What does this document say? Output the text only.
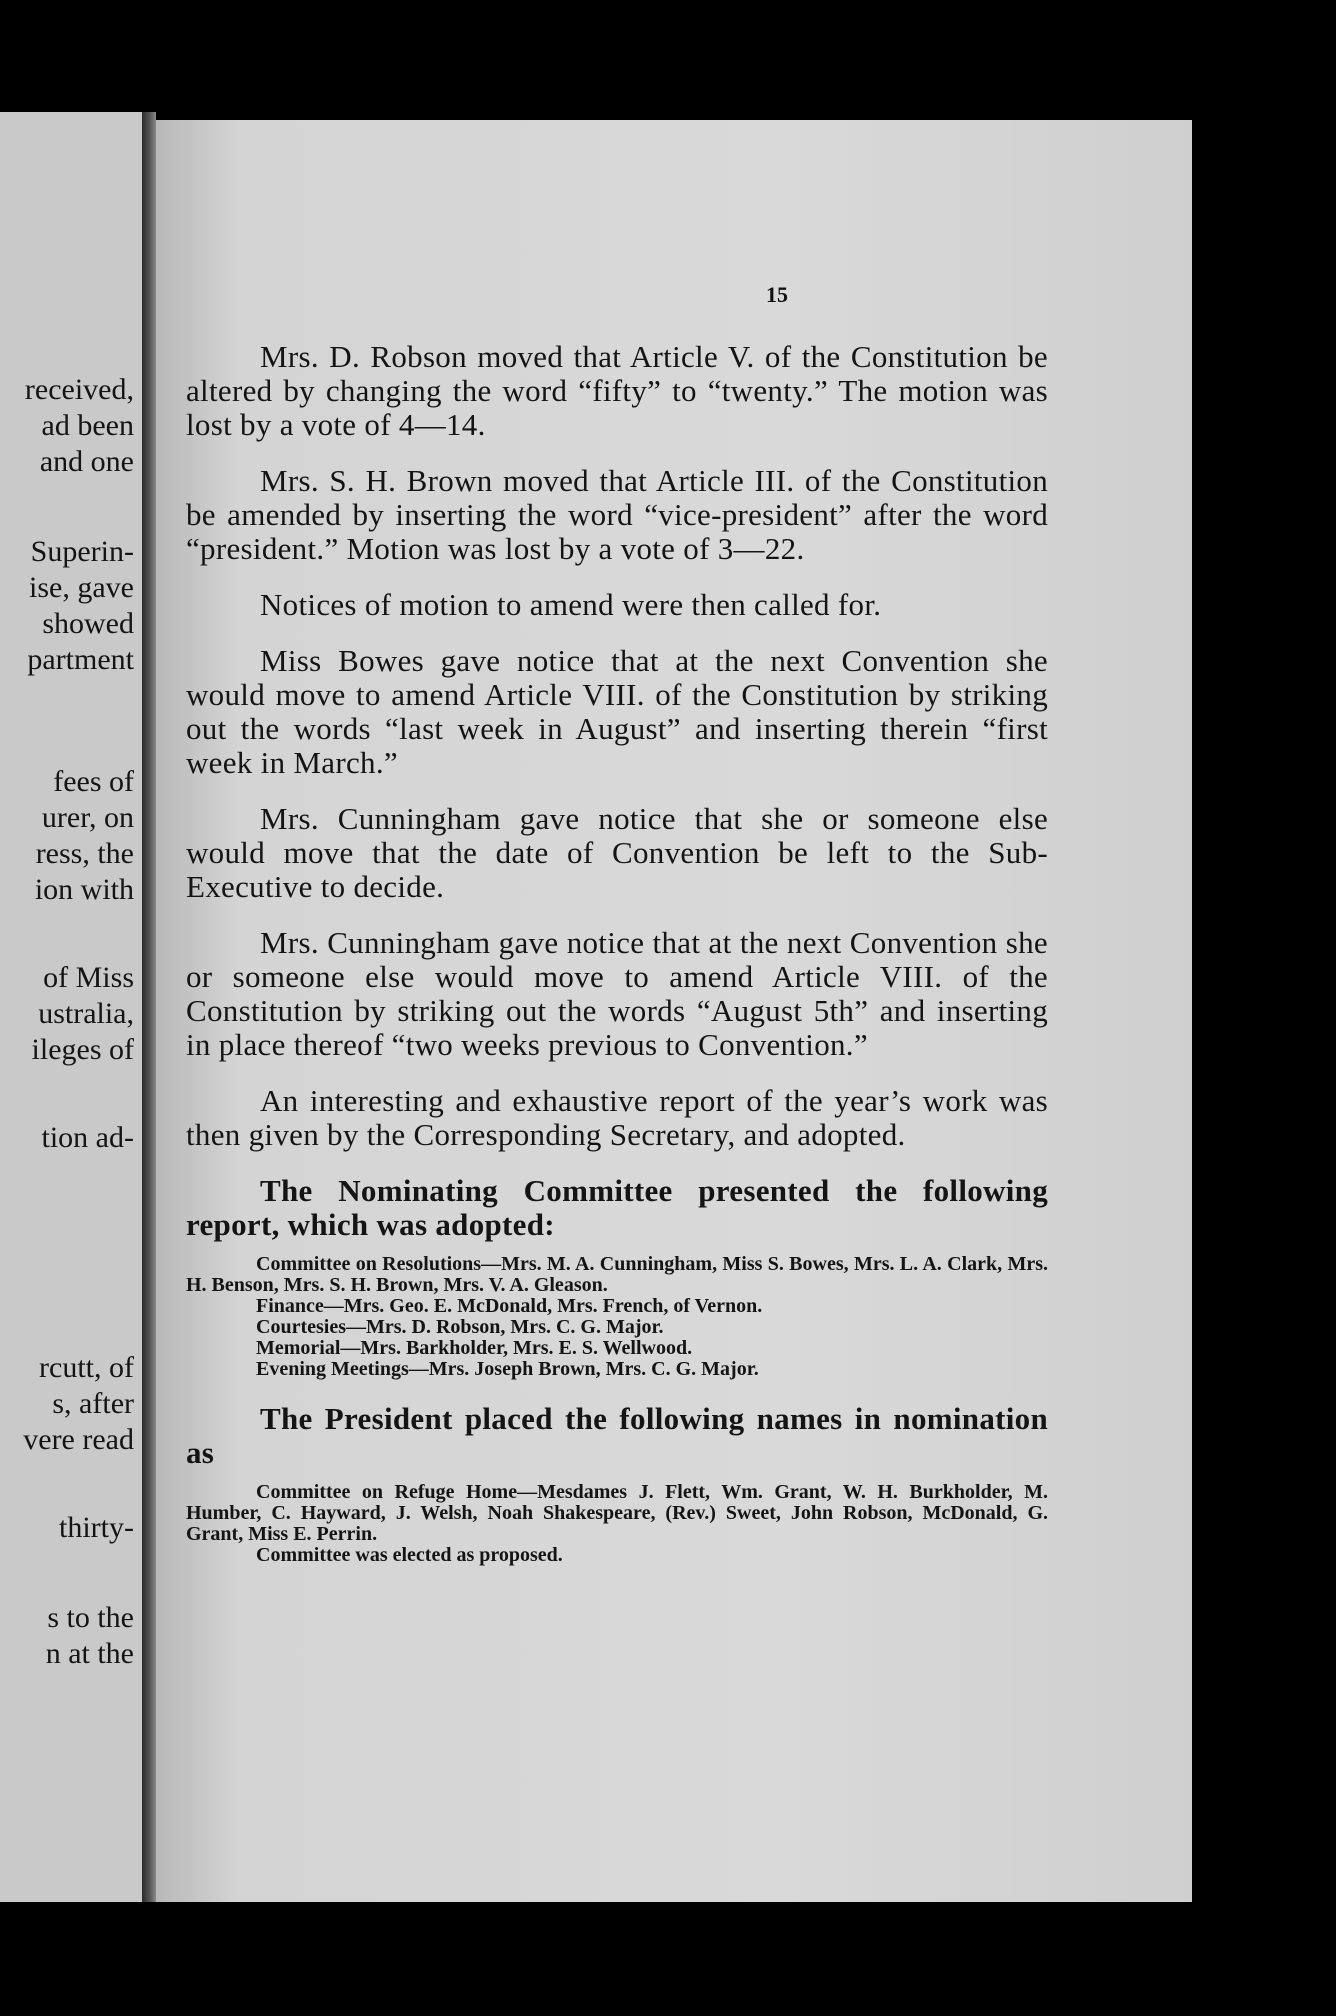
received,
ad been
and one
Superin-
ise, gave
showed
partment
fees of
urer, on
ress, the
ion with
of Miss
ustralia,
ileges of
tion ad-
rcutt, of
s, after
vere read
thirty-
s to the
n at the
15

Mrs. D. Robson moved that Article V. of the Constitution be altered by changing the word “fifty” to “twenty.” The motion was lost by a vote of 4—14.

Mrs. S. H. Brown moved that Article III. of the Constitution be amended by inserting the word “vice-president” after the word “president.” Motion was lost by a vote of 3—22.

Notices of motion to amend were then called for.

Miss Bowes gave notice that at the next Convention she would move to amend Article VIII. of the Constitution by striking out the words “last week in August” and inserting therein “first week in March.”

Mrs. Cunningham gave notice that she or someone else would move that the date of Convention be left to the Sub-Executive to decide.

Mrs. Cunningham gave notice that at the next Convention she or someone else would move to amend Article VIII. of the Constitution by striking out the words “August 5th” and inserting in place thereof “two weeks previous to Convention.”

An interesting and exhaustive report of the year’s work was then given by the Corresponding Secretary, and adopted.

The Nominating Committee presented the following report, which was adopted:

Committee on Resolutions—Mrs. M. A. Cunningham, Miss S. Bowes, Mrs. L. A. Clark, Mrs. H. Benson, Mrs. S. H. Brown, Mrs. V. A. Gleason.
Finance—Mrs. Geo. E. McDonald, Mrs. French, of Vernon.
Courtesies—Mrs. D. Robson, Mrs. C. G. Major.
Memorial—Mrs. Barkholder, Mrs. E. S. Wellwood.
Evening Meetings—Mrs. Joseph Brown, Mrs. C. G. Major.

The President placed the following names in nomination as

Committee on Refuge Home—Mesdames J. Flett, Wm. Grant, W. H. Burkholder, M. Humber, C. Hayward, J. Welsh, Noah Shakespeare, (Rev.) Sweet, John Robson, McDonald, G. Grant, Miss E. Perrin.
Committee was elected as proposed.
